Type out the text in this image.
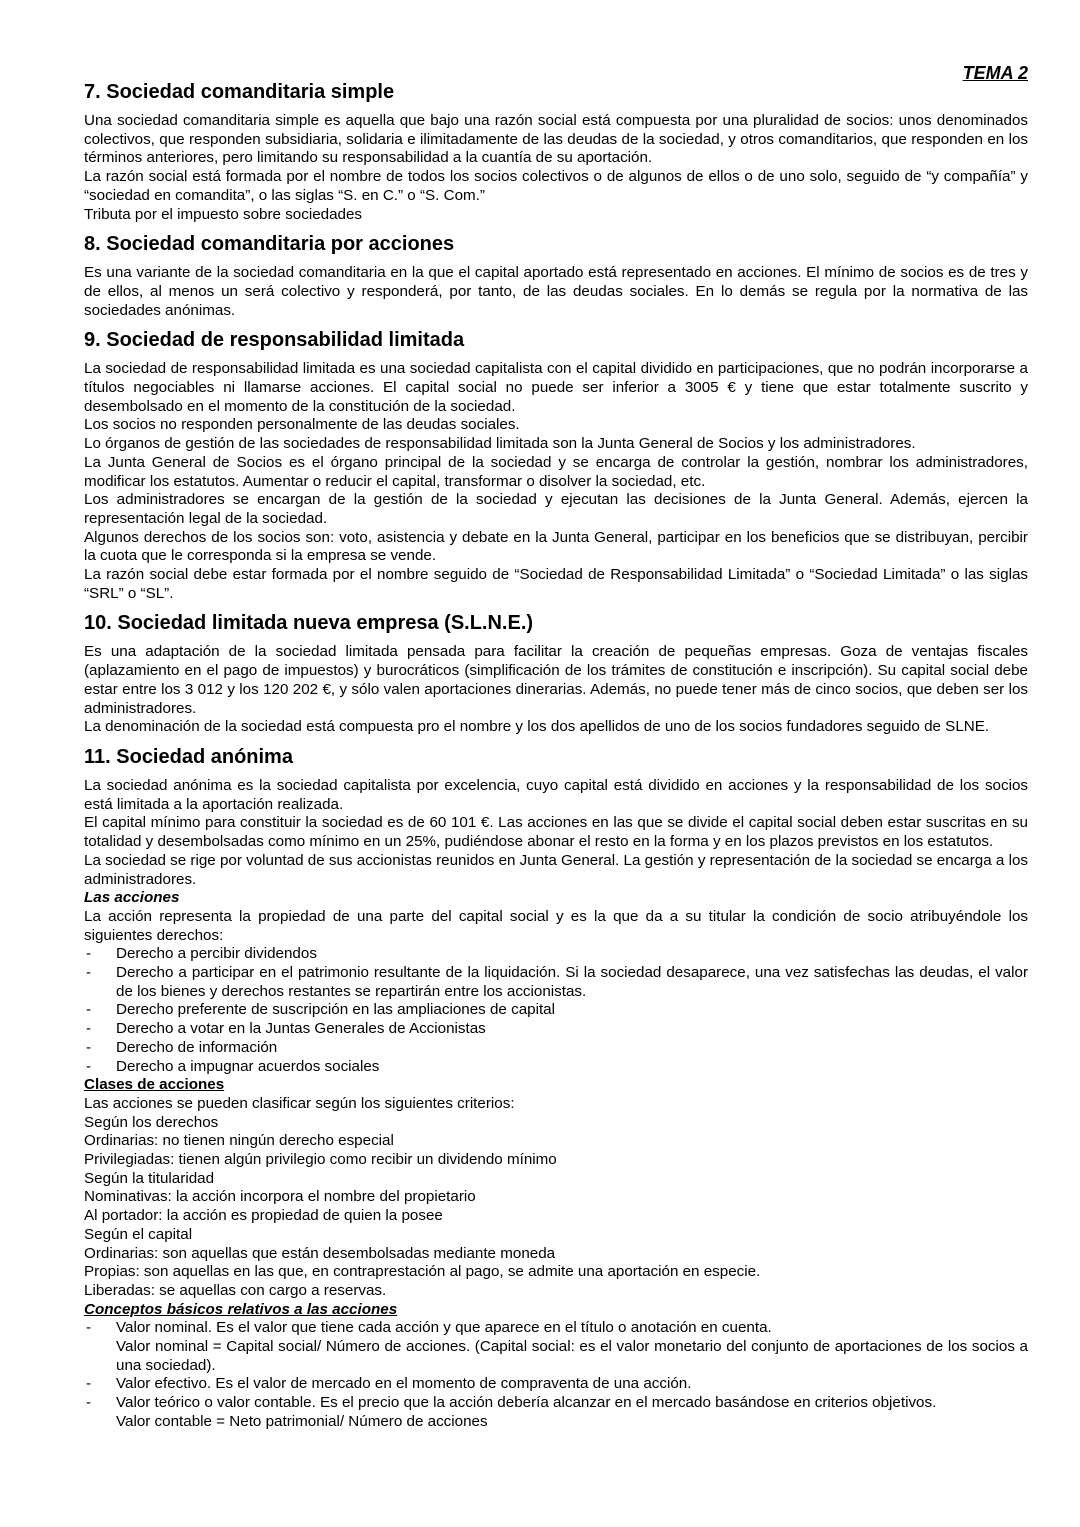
TEMA 2
7. Sociedad comanditaria simple

Una sociedad comanditaria simple es aquella que bajo una razón social está compuesta por una pluralidad de socios: unos denominados colectivos, que responden subsidiaria, solidaria e ilimitadamente de las deudas de la sociedad, y otros comanditarios, que responden en los términos anteriores, pero limitando su responsabilidad a la cuantía de su aportación.

La razón social está formada por el nombre de todos los socios colectivos o de algunos de ellos o de uno solo, seguido de “y compañía” y “sociedad en comandita”, o las siglas “S. en C.” o “S. Com.”

Tributa por el impuesto sobre sociedades

8. Sociedad comanditaria por acciones

Es una variante de la sociedad comanditaria en la que el capital aportado está representado en acciones. El mínimo de socios es de tres y de ellos, al menos un será colectivo y responderá, por tanto, de las deudas sociales. En lo demás se regula por la normativa de las sociedades anónimas.

9. Sociedad de responsabilidad limitada

La sociedad de responsabilidad limitada es una sociedad capitalista con el capital dividido en participaciones, que no podrán incorporarse a títulos negociables ni llamarse acciones. El capital social no puede ser inferior a 3005 € y tiene que estar totalmente suscrito y desembolsado en el momento de la constitución de la sociedad.

Los socios no responden personalmente de las deudas sociales.

Lo órganos de gestión de las sociedades de responsabilidad limitada son la Junta General de Socios y los administradores.

La Junta General de Socios es el órgano principal de la sociedad y se encarga de controlar la gestión, nombrar los administradores, modificar los estatutos. Aumentar o reducir el capital, transformar o disolver la sociedad, etc.

Los administradores se encargan de la gestión de la sociedad y ejecutan las decisiones de la Junta General. Además, ejercen la representación legal de la sociedad.

Algunos derechos de los socios son: voto, asistencia y debate en la Junta General, participar en los beneficios que se distribuyan, percibir la cuota que le corresponda si la empresa se vende.

La razón social debe estar formada por el nombre seguido de “Sociedad de Responsabilidad Limitada” o “Sociedad Limitada” o las siglas “SRL” o “SL”.

10. Sociedad limitada nueva empresa (S.L.N.E.)

Es una adaptación de la sociedad limitada pensada para facilitar la creación de pequeñas empresas. Goza de ventajas fiscales (aplazamiento en el pago de impuestos) y burocráticos (simplificación de los trámites de constitución e inscripción). Su capital social debe estar entre los 3 012 y los 120 202 €, y sólo valen aportaciones dinerarias. Además, no puede tener más de cinco socios, que deben ser los administradores.

La denominación de la sociedad está compuesta pro el nombre y los dos apellidos de uno de los socios fundadores seguido de SLNE.

11. Sociedad anónima

La sociedad anónima es la sociedad capitalista por excelencia, cuyo capital está dividido en acciones y la responsabilidad de los socios está limitada a la aportación realizada.

El capital mínimo para constituir la sociedad es de 60 101 €. Las acciones en las que se divide el capital social deben estar suscritas en su totalidad y desembolsadas como mínimo en un 25%, pudiéndose abonar el resto en la forma y en los plazos previstos en los estatutos.

La sociedad se rige por voluntad de sus accionistas reunidos en Junta General. La gestión y representación de la sociedad se encarga a los administradores.

Las acciones

La acción representa la propiedad de una parte del capital social y es la que da a su titular la condición de socio atribuyéndole los siguientes derechos:

- Derecho a percibir dividendos
- Derecho a participar en el patrimonio resultante de la liquidación. Si la sociedad desaparece, una vez satisfechas las deudas, el valor de los bienes y derechos restantes se repartirán entre los accionistas.
- Derecho preferente de suscripción en las ampliaciones de capital
- Derecho a votar en la Juntas Generales de Accionistas
- Derecho de información
- Derecho a impugnar acuerdos sociales
Clases de acciones

Las acciones se pueden clasificar según los siguientes criterios:

Según los derechos

Ordinarias: no tienen ningún derecho especial

Privilegiadas: tienen algún privilegio como recibir un dividendo mínimo

Según la titularidad

Nominativas: la acción incorpora el nombre del propietario

Al portador: la acción es propiedad de quien la posee

Según el capital

Ordinarias: son aquellas que están desembolsadas mediante moneda

Propias: son aquellas en las que, en contraprestación al pago, se admite una aportación en especie.

Liberadas: se aquellas con cargo a reservas.

Conceptos básicos relativos a las acciones
- Valor nominal. Es el valor que tiene cada acción y que aparece en el título o anotación en cuenta.
Valor nominal = Capital social/ Número de acciones. (Capital social: es el valor monetario del conjunto de aportaciones de los socios a una sociedad).
- Valor efectivo. Es el valor de mercado en el momento de compraventa de una acción.
- Valor teórico o valor contable. Es el precio que la acción debería alcanzar en el mercado basándose en criterios objetivos.
Valor contable = Neto patrimonial/ Número de acciones
